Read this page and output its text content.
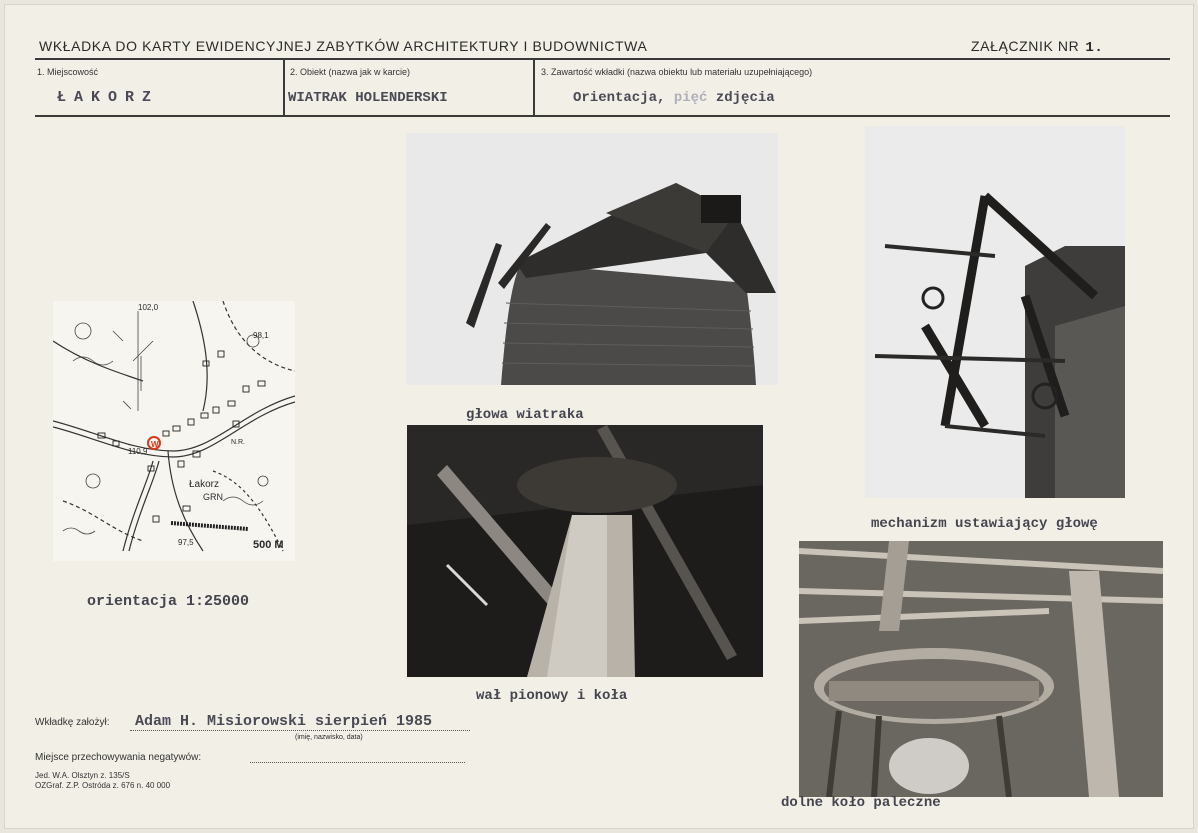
WKŁADKA DO KARTY EWIDENCYJNEJ ZABYTKÓW ARCHITEKTURY I BUDOWNICTWA	ZAŁĄCZNIK NR 1.
1. Miejscowość
ŁAKORZ
2. Obiekt (nazwa jak w karcie)
WIATRAK HOLENDERSKI
3. Zawartość wkładki (nazwa obiektu lub materiału uzupełniającego)
Orientacja, pięć zdjęcia
W
102,0
98,1
110,9
Łakorz
GRN
97,5	500 M
N.R.
orientacja 1:25000
głowa wiatraka
mechanizm ustawiający głowę
wał pionowy i koła
dolne koło paleczne
Wkładkę założył: Adam H. Misiorowski sierpień 1985
(imię, nazwisko, data)
Miejsce przechowywania negatywów:
Jed. W.A. Olsztyn z. 135/S
OZGraf. Z.P. Ostróda z. 676 n. 40 000
